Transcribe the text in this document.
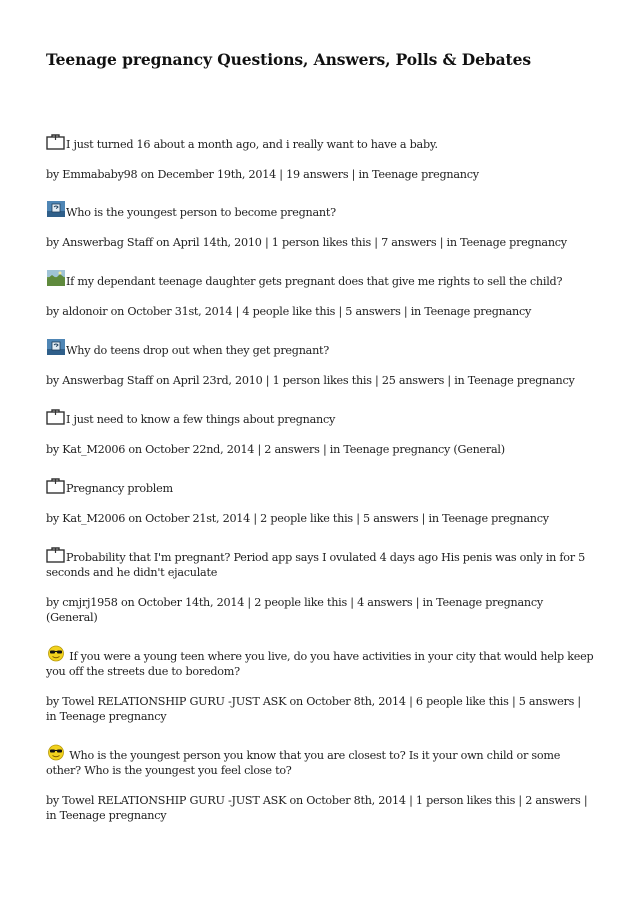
Teenage pregnancy Questions, Answers, Polls & Debates
I just turned 16 about a month ago, and i really want to have a baby.

by Emmababy98 on December 19th, 2014 | 19 answers | in Teenage pregnancy

Who is the youngest person to become pregnant?

by Answerbag Staff on April 14th, 2010 | 1 person likes this | 7 answers | in Teenage pregnancy

If my dependant teenage daughter gets pregnant does that give me rights to sell the child?

by aldonoir on October 31st, 2014 | 4 people like this | 5 answers | in Teenage pregnancy

Why do teens drop out when they get pregnant?

by Answerbag Staff on April 23rd, 2010 | 1 person likes this | 25 answers | in Teenage pregnancy

I just need to know a few things about pregnancy

by Kat_M2006 on October 22nd, 2014 | 2 answers | in Teenage pregnancy (General)

Pregnancy problem

by Kat_M2006 on October 21st, 2014 | 2 people like this | 5 answers | in Teenage pregnancy

Probability that I'm pregnant? Period app says I ovulated 4 days ago His penis was only in for 5 seconds and he didn't ejaculate

by cmjrj1958 on October 14th, 2014 | 2 people like this | 4 answers | in Teenage pregnancy (General)

If you were a young teen where you live, do you have activities in your city that would help keep you off the streets due to boredom?

by Towel RELATIONSHIP GURU -JUST ASK on October 8th, 2014 | 6 people like this | 5 answers | in Teenage pregnancy

Who is the youngest person you know that you are closest to? Is it your own child or some other? Who is the youngest you feel close to?

by Towel RELATIONSHIP GURU -JUST ASK on October 8th, 2014 | 1 person likes this | 2 answers | in Teenage pregnancy
